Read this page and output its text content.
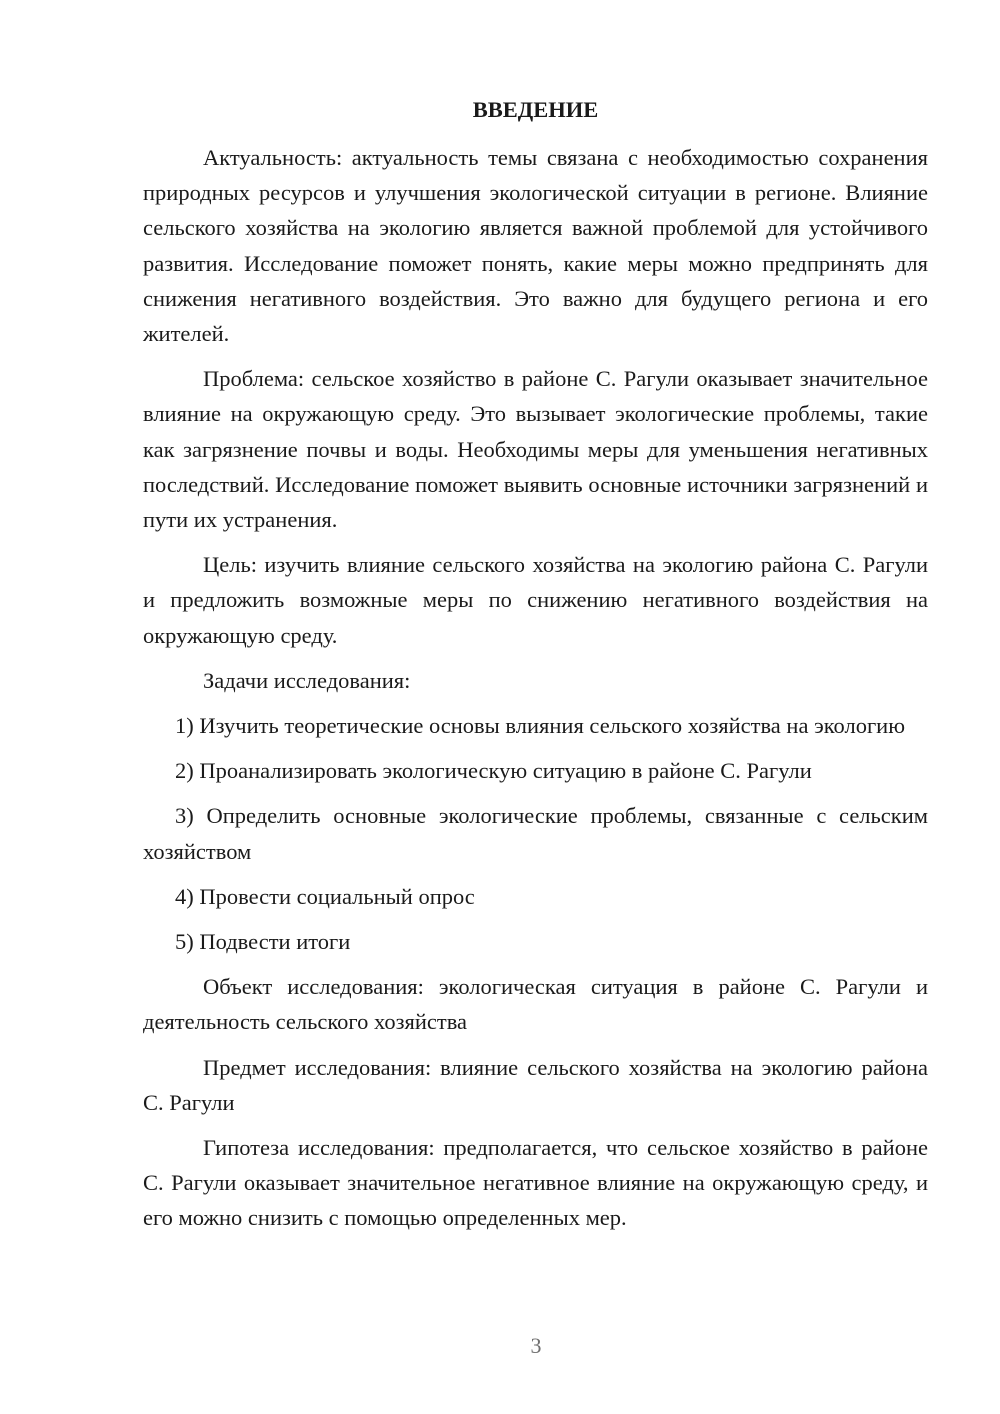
ВВЕДЕНИЕ

Актуальность: актуальность темы связана с необходимостью сохранения природных ресурсов и улучшения экологической ситуации в регионе. Влияние сельского хозяйства на экологию является важной проблемой для устойчивого развития. Исследование поможет понять, какие меры можно предпринять для снижения негативного воздействия. Это важно для будущего региона и его жителей.

Проблема: сельское хозяйство в районе С. Рагули оказывает значительное влияние на окружающую среду. Это вызывает экологические проблемы, такие как загрязнение почвы и воды. Необходимы меры для уменьшения негативных последствий. Исследование поможет выявить основные источники загрязнений и пути их устранения.

Цель: изучить влияние сельского хозяйства на экологию района С. Рагули и предложить возможные меры по снижению негативного воздействия на окружающую среду.

Задачи исследования:

1) Изучить теоретические основы влияния сельского хозяйства на экологию
2) Проанализировать экологическую ситуацию в районе С. Рагули
3) Определить основные экологические проблемы, связанные с сельским хозяйством
4) Провести социальный опрос
5) Подвести итоги

Объект исследования: экологическая ситуация в районе С. Рагули и деятельность сельского хозяйства

Предмет исследования: влияние сельского хозяйства на экологию района С. Рагули

Гипотеза исследования: предполагается, что сельское хозяйство в районе С. Рагули оказывает значительное негативное влияние на окружающую среду, и его можно снизить с помощью определенных мер.

3
